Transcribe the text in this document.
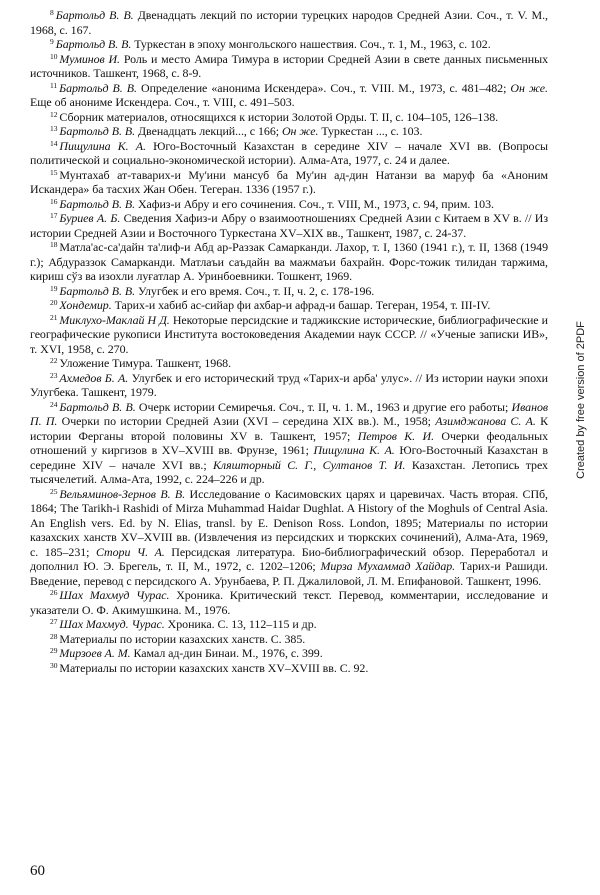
$^8$ Бартольд В. В. Двенадцать лекций по истории турецких народов Средней Азии. Соч., т. V. М., 1968, с. 167.

$^9$ Бартольд В. В. Туркестан в эпоху монгольского нашествия. Соч., т. 1, М., 1963, с. 102.

$^{10}$ Муминов И. Роль и место Амира Тимура в истории Средней Азии в свете данных письменных источников. Ташкент, 1968, с. 8-9.

$^{11}$ Бартольд В. В. Определение «анонима Искендера». Соч., т. VIII. М., 1973, с. 481–482; Он же. Еще об анониме Искендера. Соч., т. VIII, с. 491–503.

$^{12}$ Сборник материалов, относящихся к истории Золотой Орды. Т. II, с. 104–105, 126–138.

$^{13}$ Бартольд В. В. Двенадцать лекций..., с 166; Он же. Туркестан ..., с. 103.

$^{14}$ Пищулина К. А. Юго-Восточный Казахстан в середине XIV – начале XVI вв. (Вопросы политической и социально-экономической истории). Алма-Ата, 1977, с. 24 и далее.

$^{15}$ Мунтахаб ат-таварих-и Му'ини мансуб ба Му'ин ад-дин Натанзи ва маруф ба «Аноним Искандера» ба тасхих Жан Обен. Тегеран. 1336 (1957 г.).

$^{16}$ Бартольд В. В. Хафиз-и Абру и его сочинения. Соч., т. VIII, М., 1973, с. 94, прим. 103.

$^{17}$ Буриев А. Б. Сведения Хафиз-и Абру о взаимоотношениях Средней Азии с Китаем в XV в. // Из истории Средней Азии и Восточного Туркестана XV–XIX вв., Ташкент, 1987, с. 24-37.

$^{18}$ Матла'ас-са'дайн та'лиф-и Абд ар-Раззак Самарканди. Лахор, т. I, 1360 (1941 г.), т. II, 1368 (1949 г.); Абдураззок Самарканди. Матлаъи саъдайн ва мажмаъи бахрайн. Форс-тожик тилидан таржима, кириш сўз ва изохли луғатлар А. Уринбоевники. Тошкент, 1969.

$^{19}$ Бартольд В. В. Улугбек и его время. Соч., т. II, ч. 2, с. 178-196.

$^{20}$ Хондемир. Тарих-и хабиб ас-сийар фи ахбар-и афрад-и башар. Тегеран, 1954, т. III-IV.

$^{21}$ Миклухо-Маклай Н Д. Некоторые персидские и таджикские исторические, библиографические и географические рукописи Института востоковедения Академии наук СССР. // «Ученые записки ИВ», т. XVI, 1958, с. 270.

$^{22}$ Уложение Тимура. Ташкент, 1968.

$^{23}$ Ахмедов Б. А. Улугбек и его исторический труд «Тарих-и арба' улус». // Из истории науки эпохи Улугбека. Ташкент, 1979.

$^{24}$ Бартольд В. В. Очерк истории Семиречья. Соч., т. II, ч. 1. М., 1963 и другие его работы; Иванов П. П. Очерки по истории Средней Азии (XVI – середина XIX вв.). М., 1958; Азимджанова С. А. К истории Ферганы второй половины XV в. Ташкент, 1957; Петров К. И. Очерки феодальных отношений у киргизов в XV–XVIII вв. Фрунзе, 1961; Пищулина К. А. Юго-Восточный Казахстан в середине XIV – начале XVI вв.; Кляшторный С. Г., Султанов Т. И. Казахстан. Летопись трех тысячелетий. Алма-Ата, 1992, с. 224–226 и др.

$^{25}$ Вельяминов-Зернов В. В. Исследование о Касимовских царях и царевичах. Часть вторая. СПб, 1864; The Tarikh-i Rashidi of Mirza Muhammad Haidar Dughlat. A History of the Moghuls of Central Asia. An English vers. Ed. by N. Elias, transl. by E. Denison Ross. London, 1895; Материалы по истории казахских ханств XV–XVIII вв. (Извлечения из персидских и тюркских сочинений), Алма-Ата, 1969, с. 185–231; Стори Ч. А. Персидская литература. Био-библиографический обзор. Переработал и дополнил Ю. Э. Брегель, т. II, М., 1972, с. 1202–1206; Мирза Мухаммад Хайдар. Тарих-и Рашиди. Введение, перевод с персидского А. Урунбаева, Р. П. Джалиловой, Л. М. Епифановой. Ташкент, 1996.

$^{26}$ Шах Махмуд Чурас. Хроника. Критический текст. Перевод, комментарии, исследование и указатели О. Ф. Акимушкина. М., 1976.

$^{27}$ Шах Махмуд. Чурас. Хроника. С. 13, 112–115 и др.

$^{28}$ Материалы по истории казахских ханств. С. 385.

$^{29}$ Мирзоев А. М. Камал ад-дин Бинаи. М., 1976, с. 399.

$^{30}$ Материалы по истории казахских ханств XV–XVIII вв. С. 92.

60
Created by free version of 2PDF
